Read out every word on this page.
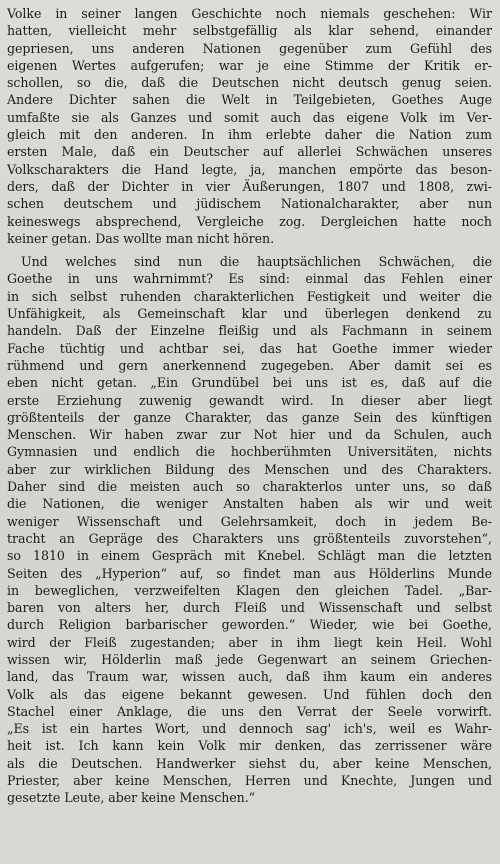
Volke in seiner langen Geschichte noch niemals geschehen: Wir
hatten, vielleicht mehr selbstgefällig als klar sehend, einander
gepriesen, uns anderen Nationen gegenüber zum Gefühl des
eigenen Wertes aufgerufen; war je eine Stimme der Kritik er-
schollen, so die, daß die Deutschen nicht deutsch genug seien.
Andere Dichter sahen die Welt in Teilgebieten, Goethes Auge
umfaßte sie als Ganzes und somit auch das eigene Volk im Ver-
gleich mit den anderen. In ihm erlebte daher die Nation zum
ersten Male, daß ein Deutscher auf allerlei Schwächen unseres
Volkscharakters die Hand legte, ja, manchen empörte das beson-
ders, daß der Dichter in vier Äußerungen, 1807 und 1808, zwi-
schen deutschem und jüdischem Nationalcharakter, aber nun
keineswegs absprechend, Vergleiche zog. Dergleichen hatte noch
keiner getan. Das wollte man nicht hören.
Und welches sind nun die hauptsächlichen Schwächen, die
Goethe in uns wahrnimmt? Es sind: einmal das Fehlen einer
in sich selbst ruhenden charakterlichen Festigkeit und weiter die
Unfähigkeit, als Gemeinschaft klar und überlegen denkend zu
handeln. Daß der Einzelne fleißig und als Fachmann in seinem
Fache tüchtig und achtbar sei, das hat Goethe immer wieder
rühmend und gern anerkennend zugegeben. Aber damit sei es
eben nicht getan. „Ein Grundübel bei uns ist es, daß auf die
erste Erziehung zuwenig gewandt wird. In dieser aber liegt
größtenteils der ganze Charakter, das ganze Sein des künftigen
Menschen. Wir haben zwar zur Not hier und da Schulen, auch
Gymnasien und endlich die hochberühmten Universitäten, nichts
aber zur wirklichen Bildung des Menschen und des Charakters.
Daher sind die meisten auch so charakterlos unter uns, so daß
die Nationen, die weniger Anstalten haben als wir und weit
weniger Wissenschaft und Gelehrsamkeit, doch in jedem Be-
tracht an Gepräge des Charakters uns größtenteils zuvorstehen“,
so 1810 in einem Gespräch mit Knebel. Schlägt man die letzten
Seiten des „Hyperion“ auf, so findet man aus Hölderlins Munde
in beweglichen, verzweifelten Klagen den gleichen Tadel. „Bar-
baren von alters her, durch Fleiß und Wissenschaft und selbst
durch Religion barbarischer geworden.“ Wieder, wie bei Goethe,
wird der Fleiß zugestanden; aber in ihm liegt kein Heil. Wohl
wissen wir, Hölderlin maß jede Gegenwart an seinem Griechen-
land, das Traum war, wissen auch, daß ihm kaum ein anderes
Volk als das eigene bekannt gewesen. Und fühlen doch den
Stachel einer Anklage, die uns den Verrat der Seele vorwirft.
„Es ist ein hartes Wort, und dennoch sag' ich's, weil es Wahr-
heit ist. Ich kann kein Volk mir denken, das zerrissener wäre
als die Deutschen. Handwerker siehst du, aber keine Menschen,
Priester, aber keine Menschen, Herren und Knechte, Jungen und
gesetzte Leute, aber keine Menschen.“
